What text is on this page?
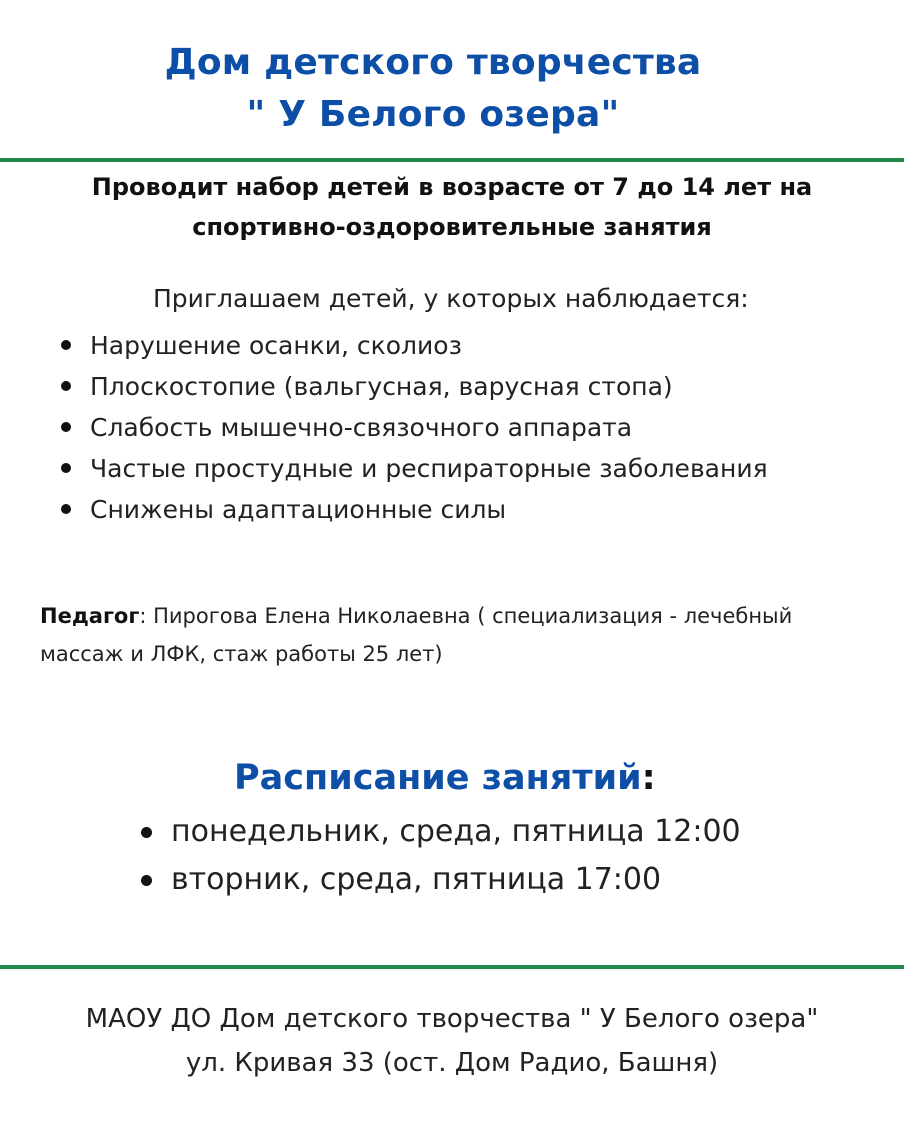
Дом детского творчества
" У Белого озера"
Проводит набор детей в возрасте от 7 до 14 лет на
спортивно-оздоровительные занятия

Приглашаем детей, у которых наблюдается:

Нарушение осанки, сколиоз
Плоскостопие (вальгусная, варусная стопа)
Слабость мышечно-связочного аппарата
Частые простудные и респираторные заболевания
Снижены адаптационные силы

Педагог: Пирогова Елена Николаевна ( специализация - лечебный массаж и ЛФК, стаж работы 25 лет)

Расписание занятий:
понедельник, среда, пятница 12:00
вторник, среда, пятница 17:00

МАОУ ДО Дом детского творчества " У Белого озера"

ул. Кривая 33 (ост. Дом Радио, Башня)
